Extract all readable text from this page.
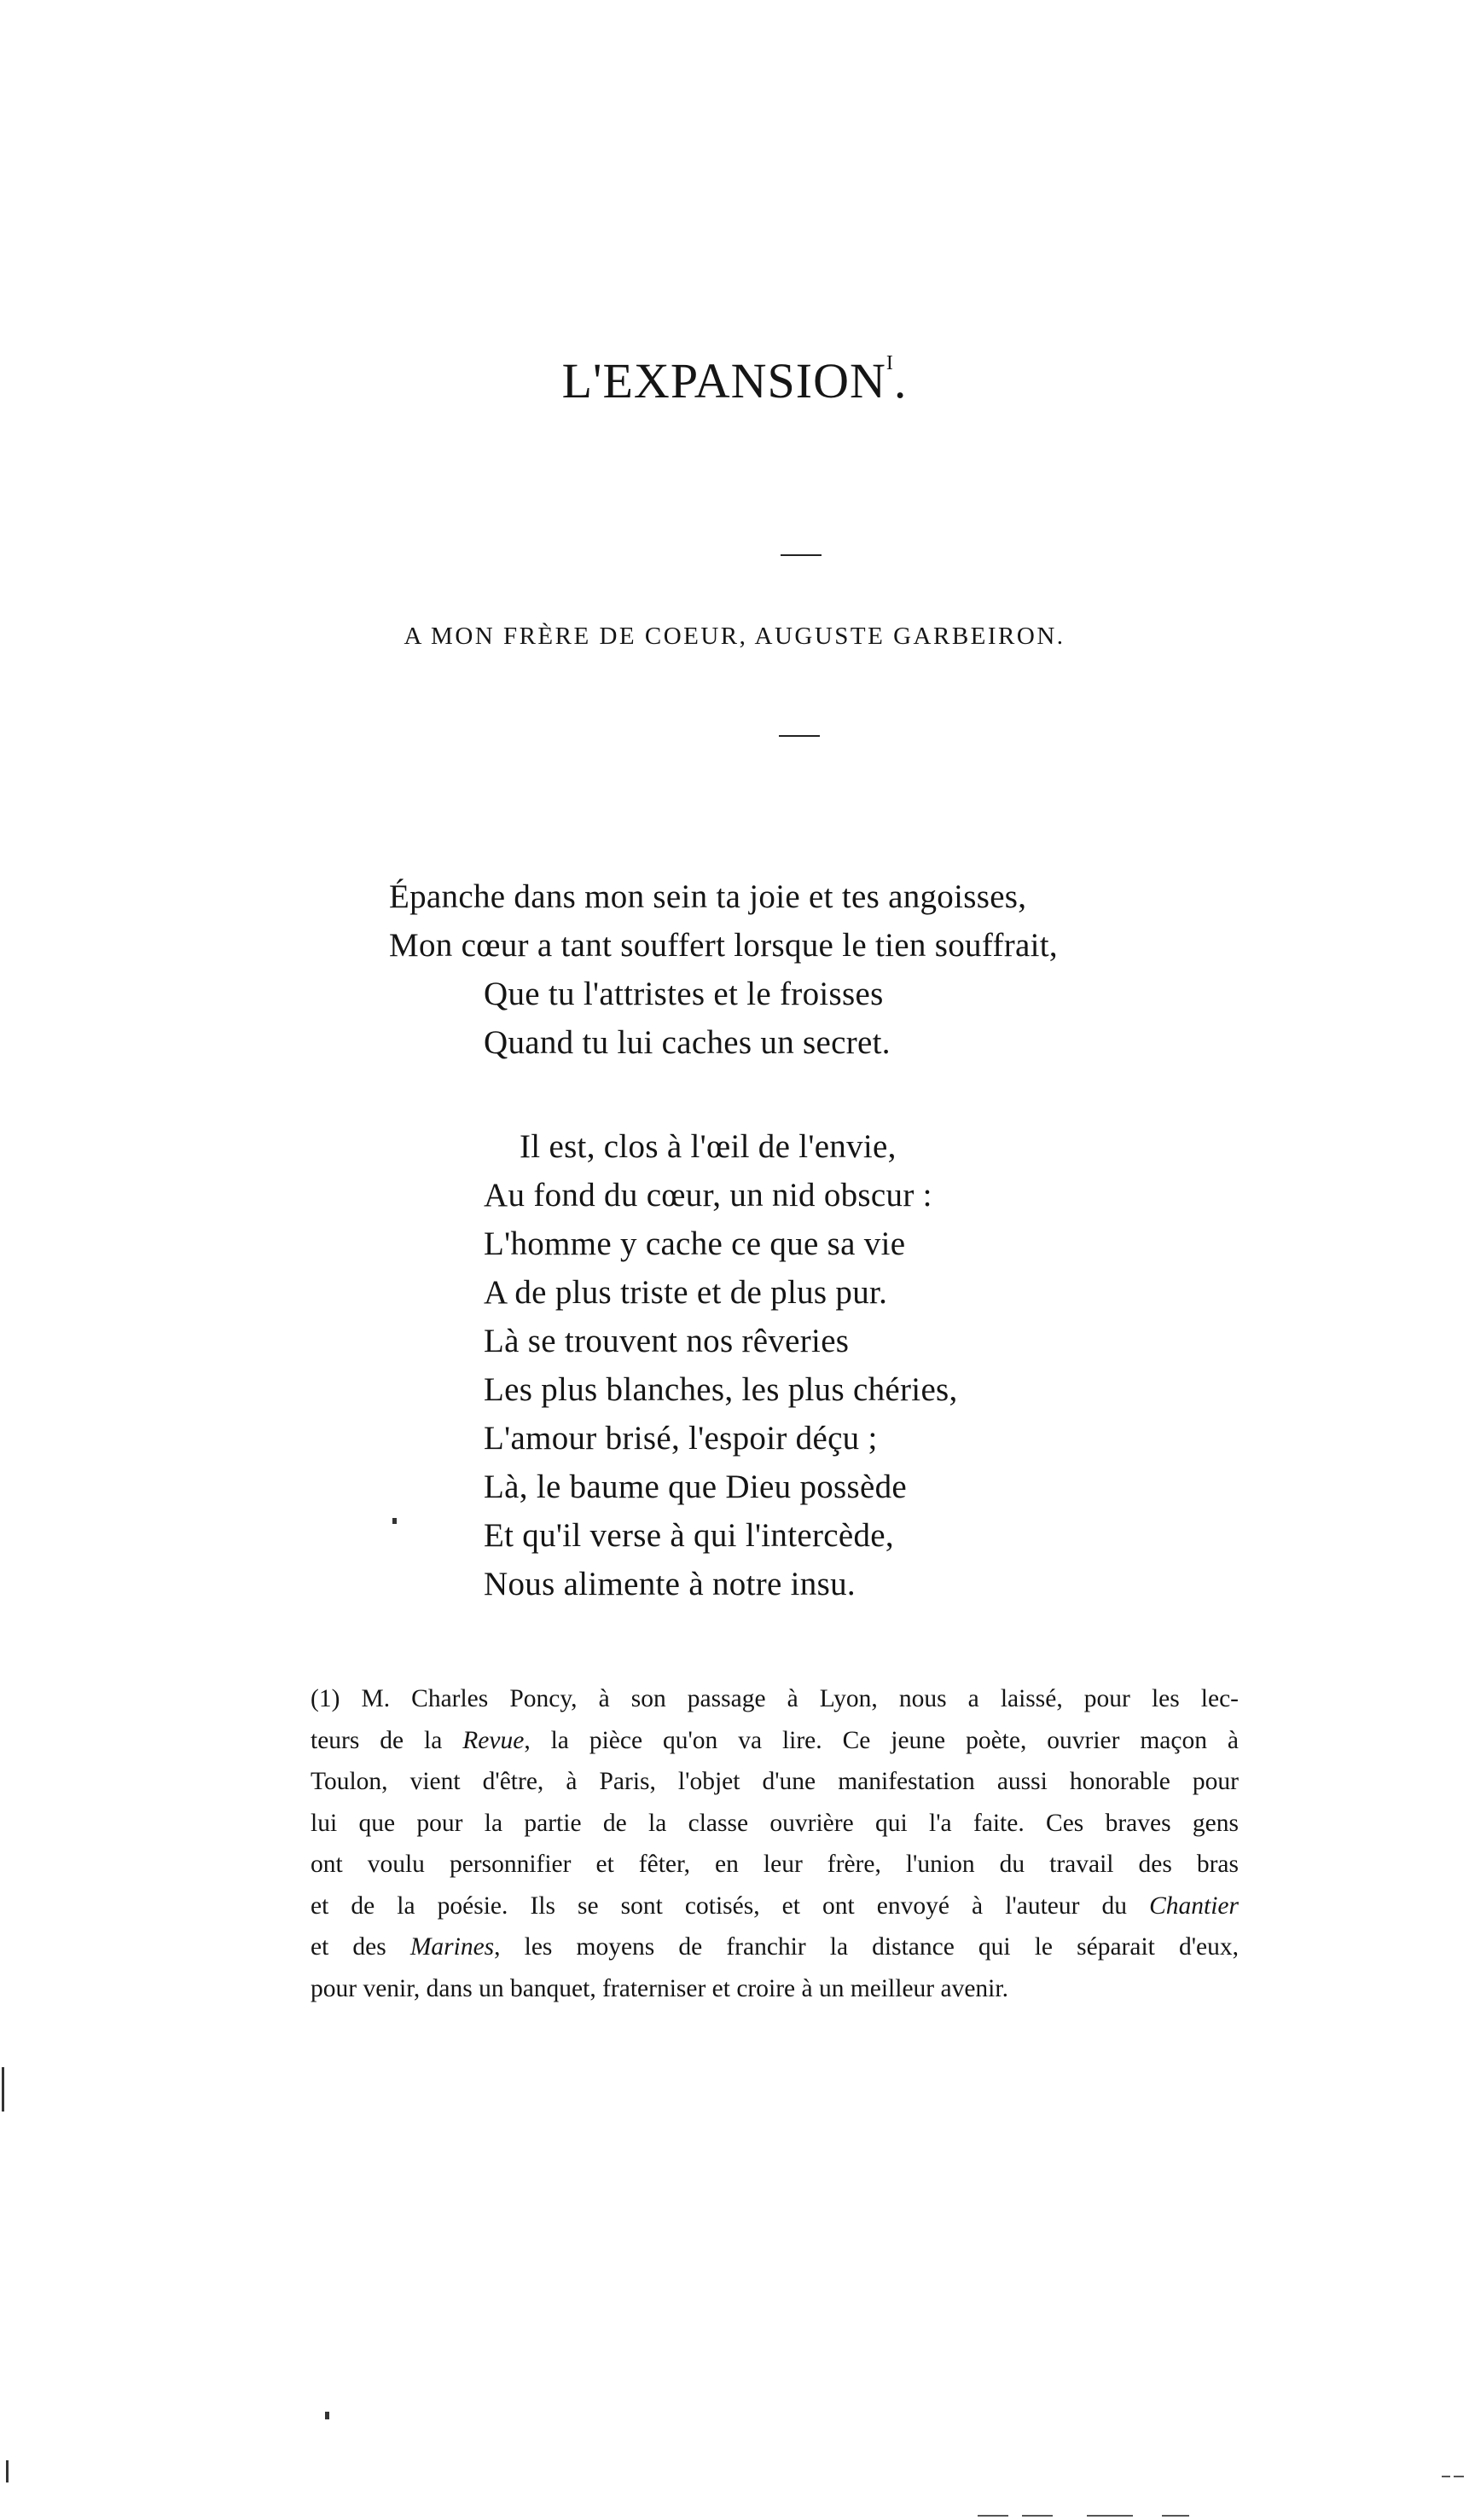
$L'EXPANSION^I$.
A MON FRÈRE DE COEUR, AUGUSTE GARBEIRON.
Épanche dans mon sein ta joie et tes angoisses,
Mon cœur a tant souffert lorsque le tien souffrait,
Que tu l'attristes et le froisses
Quand tu lui caches un secret.
Il est, clos à l'œil de l'envie,
Au fond du cœur, un nid obscur :
L'homme y cache ce que sa vie
A de plus triste et de plus pur.
Là se trouvent nos rêveries
Les plus blanches, les plus chéries,
L'amour brisé, l'espoir déçu ;
Là, le baume que Dieu possède
Et qu'il verse à qui l'intercède,
Nous alimente à notre insu.
(1) M. Charles Poncy, à son passage à Lyon, nous a laissé, pour les lec-
teurs de la Revue, la pièce qu'on va lire. Ce jeune poète, ouvrier maçon à
Toulon, vient d'être, à Paris, l'objet d'une manifestation aussi honorable pour
lui que pour la partie de la classe ouvrière qui l'a faite. Ces braves gens
ont voulu personnifier et fêter, en leur frère, l'union du travail des bras
et de la poésie. Ils se sont cotisés, et ont envoyé à l'auteur du Chantier
et des Marines, les moyens de franchir la distance qui le séparait d'eux,
pour venir, dans un banquet, fraterniser et croire à un meilleur avenir.
